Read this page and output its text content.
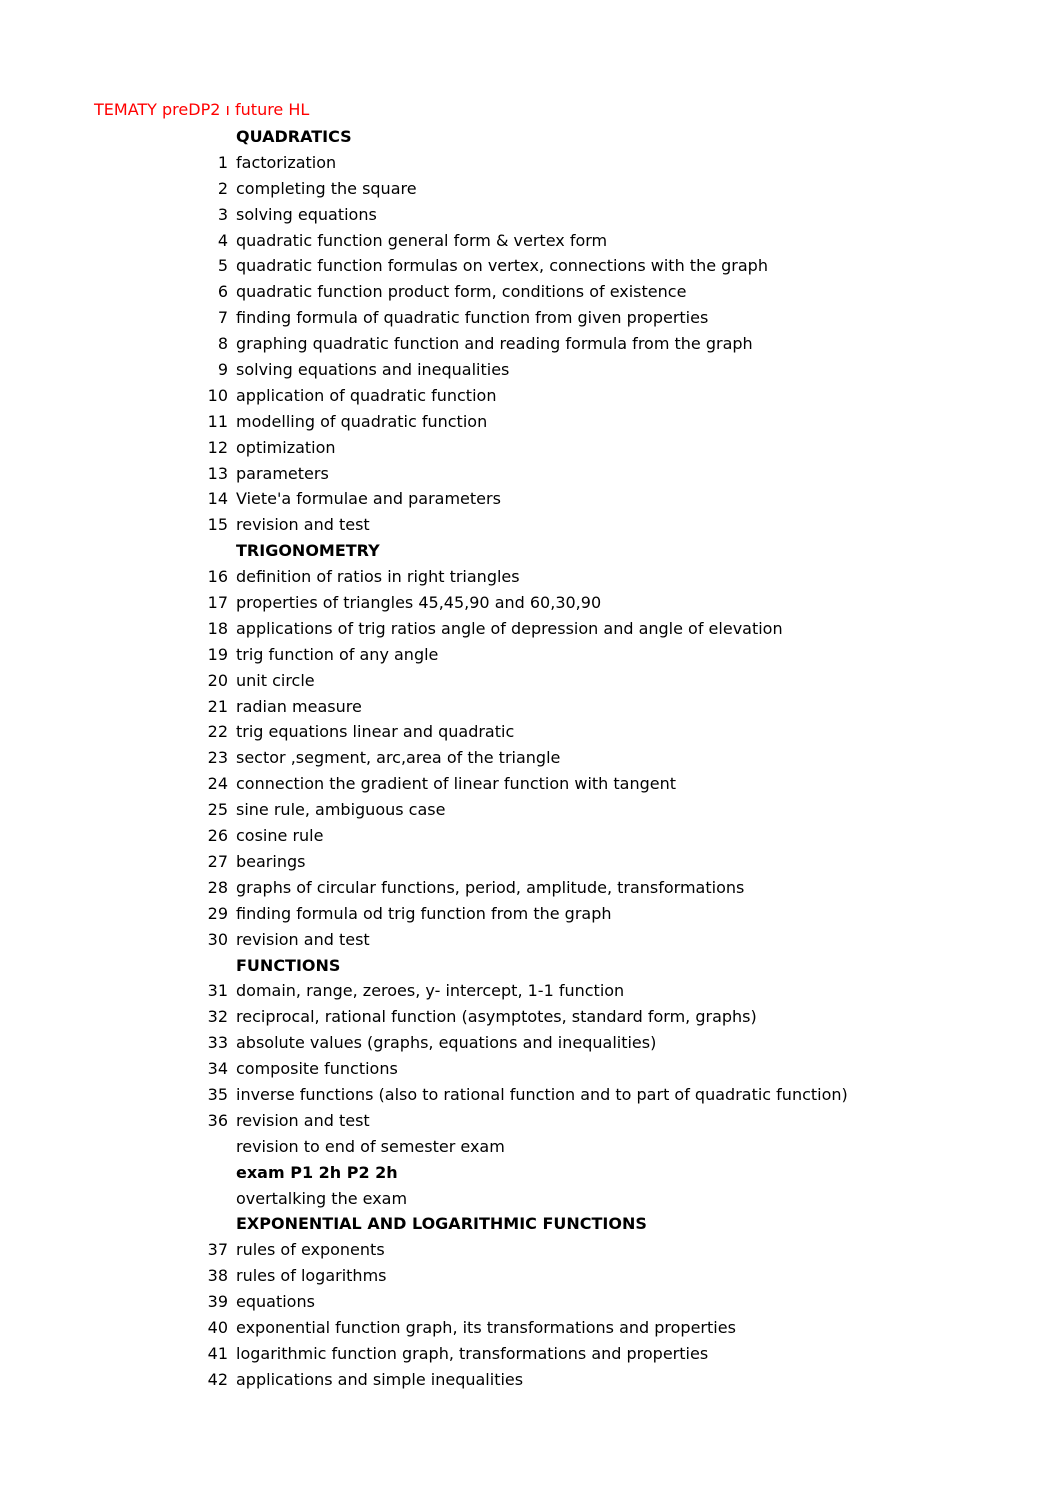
TEMATY preDP2 ı future HL
QUADRATICS
1 factorization
2 completing the square
3 solving equations
4 quadratic function general form & vertex form
5 quadratic function formulas on vertex, connections with the graph
6 quadratic function product form, conditions of existence
7 finding formula of quadratic function from given properties
8 graphing quadratic function and reading formula from the graph
9 solving equations and inequalities
10 application of quadratic function
11 modelling of quadratic function
12 optimization
13 parameters
14 Viete'a formulae and parameters
15 revision and test
TRIGONOMETRY
16 definition of ratios in right triangles
17 properties of triangles 45,45,90 and 60,30,90
18 applications of trig ratios angle of depression and angle of elevation
19 trig function of any angle
20 unit circle
21 radian measure
22 trig equations linear and quadratic
23 sector ,segment, arc,area of the triangle
24 connection the gradient of linear function with tangent
25 sine rule, ambiguous case
26 cosine rule
27 bearings
28 graphs of circular functions, period, amplitude, transformations
29 finding formula od trig function from the graph
30 revision and test
FUNCTIONS
31 domain, range, zeroes, y- intercept, 1-1 function
32 reciprocal, rational function (asymptotes, standard form, graphs)
33 absolute values (graphs, equations and inequalities)
34 composite functions
35 inverse functions (also to rational function and to part of quadratic function)
36 revision and test
revision to end of semester exam
exam P1 2h P2 2h
overtalking the exam
EXPONENTIAL AND LOGARITHMIC FUNCTIONS
37 rules of exponents
38 rules of logarithms
39 equations
40 exponential function graph, its transformations and properties
41 logarithmic function graph, transformations and properties
42 applications and simple inequalities
